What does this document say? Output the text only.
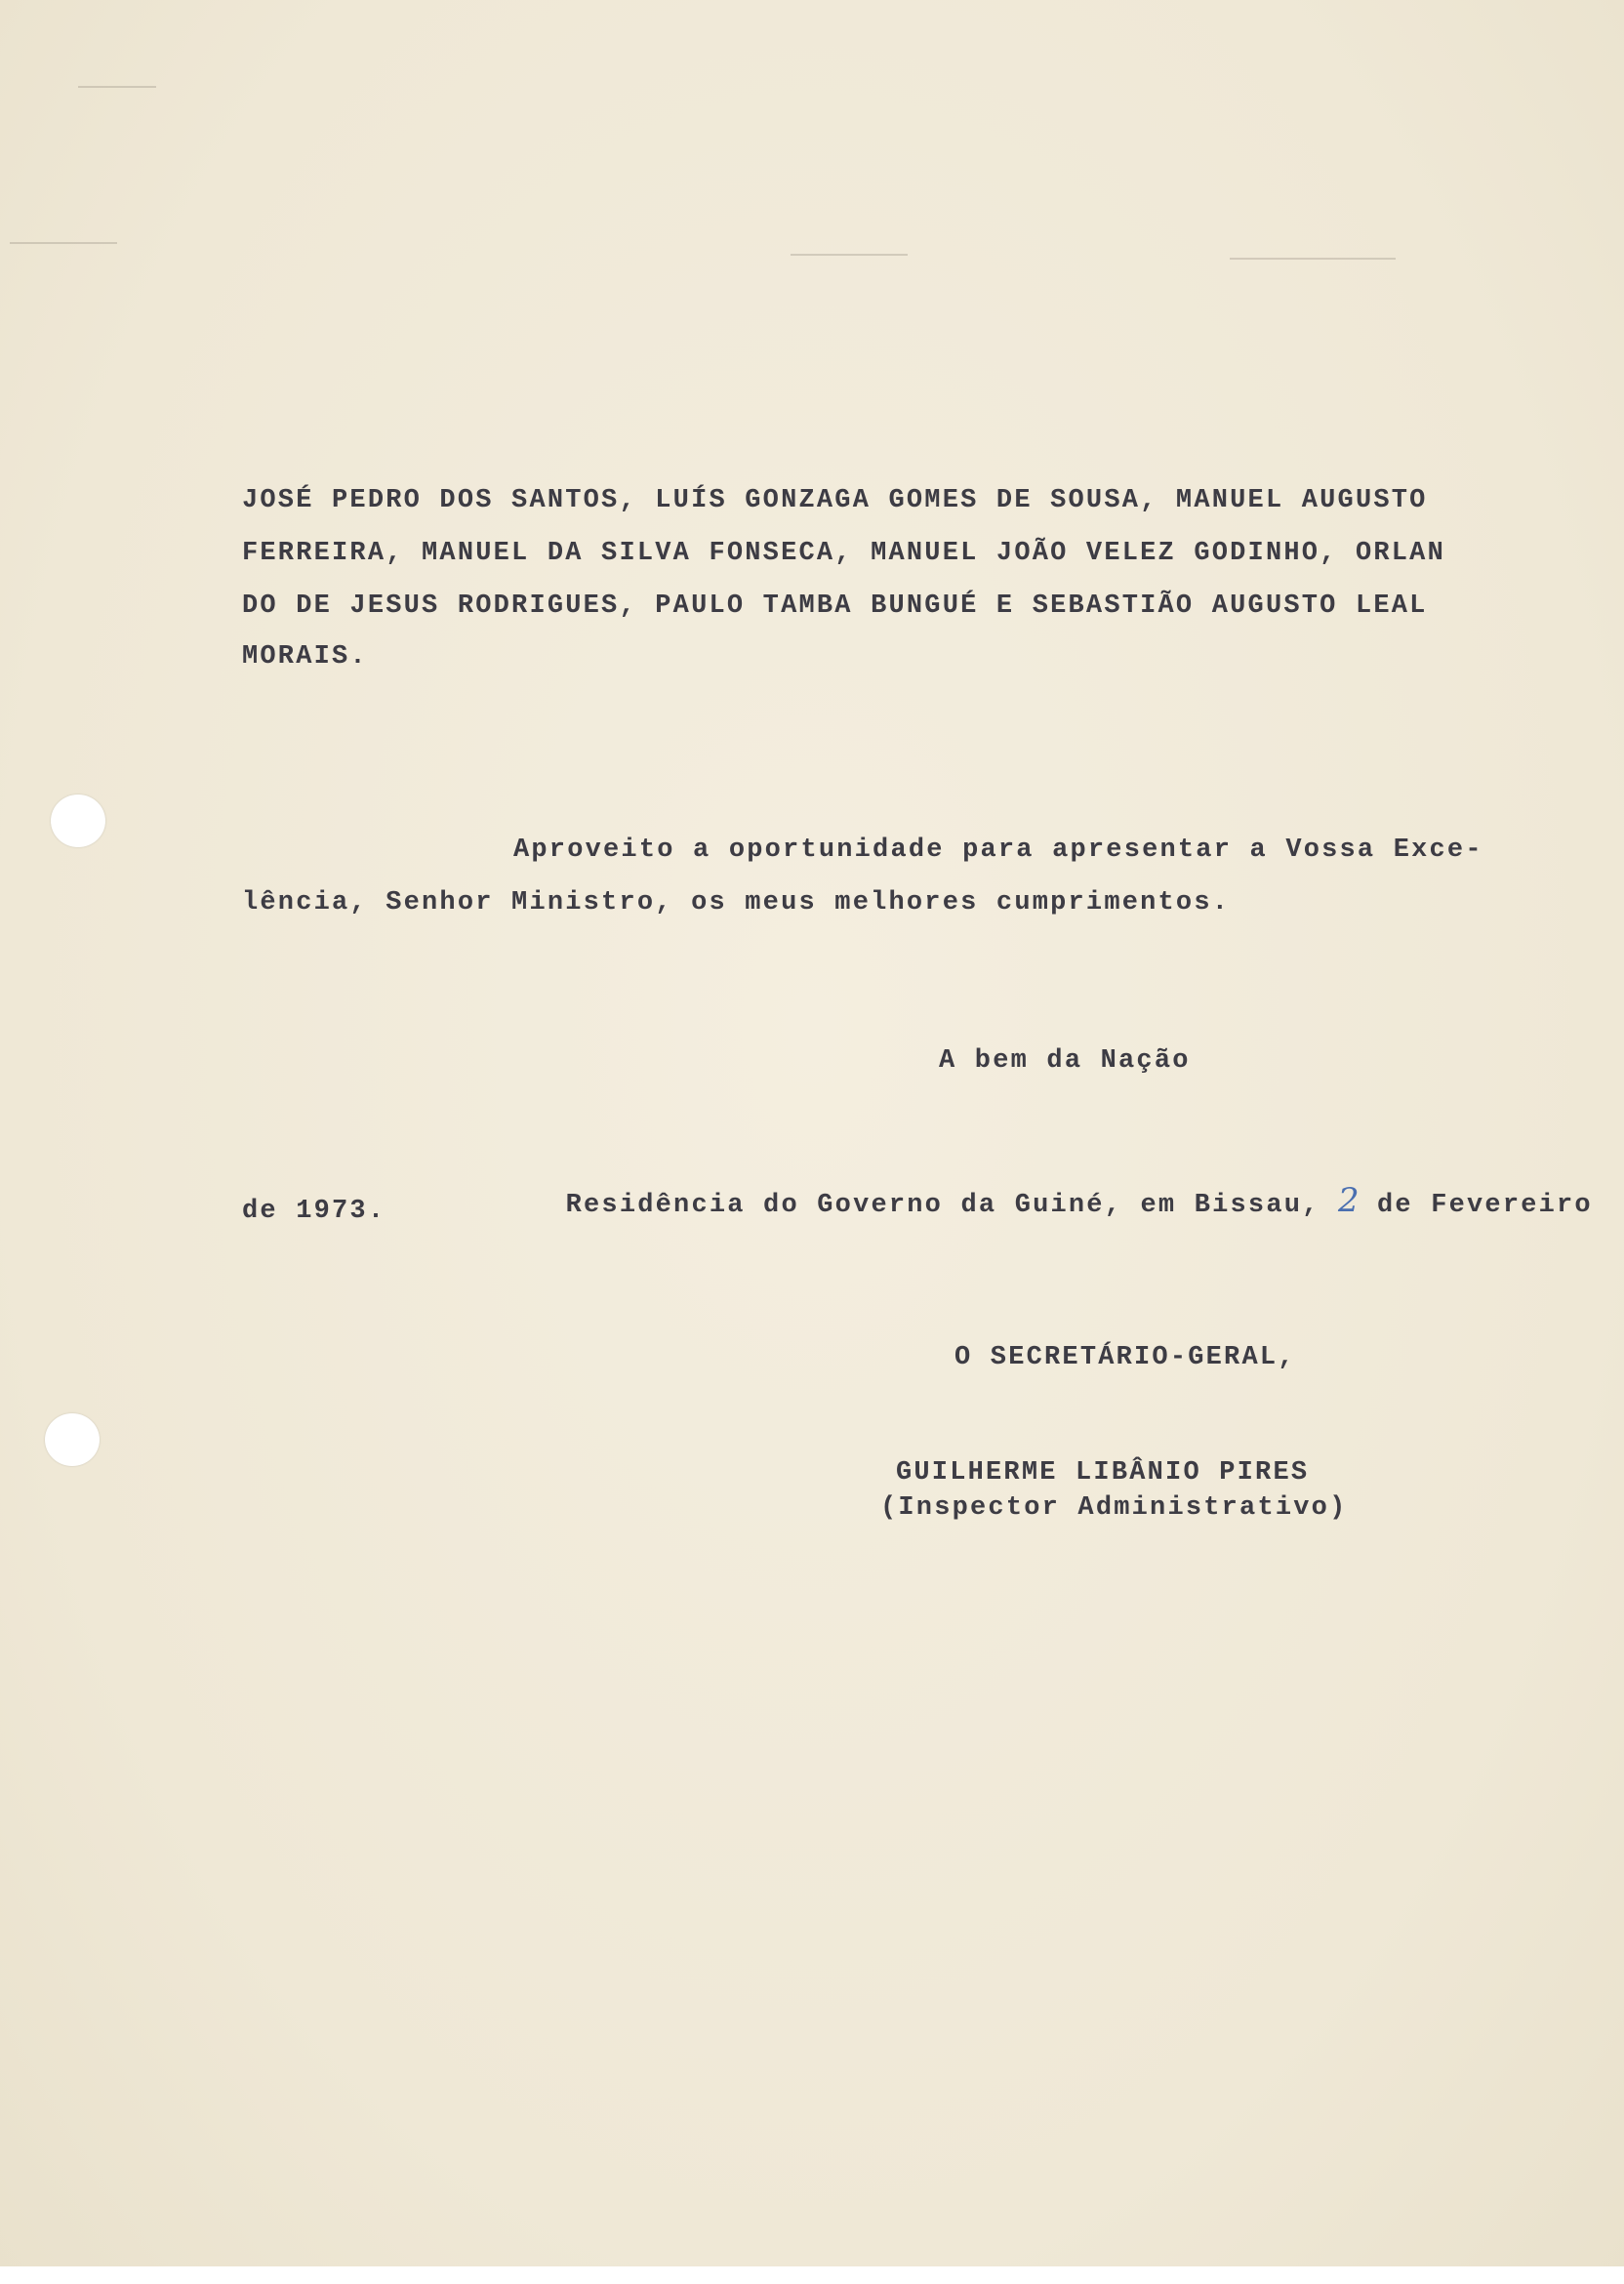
JOSÉ PEDRO DOS SANTOS, LUÍS GONZAGA GOMES DE SOUSA, MANUEL AUGUSTO
FERREIRA, MANUEL DA SILVA FONSECA, MANUEL JOÃO VELEZ GODINHO, ORLAN
DO DE JESUS RODRIGUES, PAULO TAMBA BUNGUÉ E SEBASTIÃO AUGUSTO LEAL
MORAIS.
Aproveito a oportunidade para apresentar a Vossa Exce-
lência, Senhor Ministro, os meus melhores cumprimentos.
A bem da Nação

Residência do Governo da Guiné, em Bissau, 2 de Fevereiro

de 1973.
O SECRETÁRIO-GERAL,
GUILHERME LIBÂNIO PIRES
(Inspector Administrativo)
